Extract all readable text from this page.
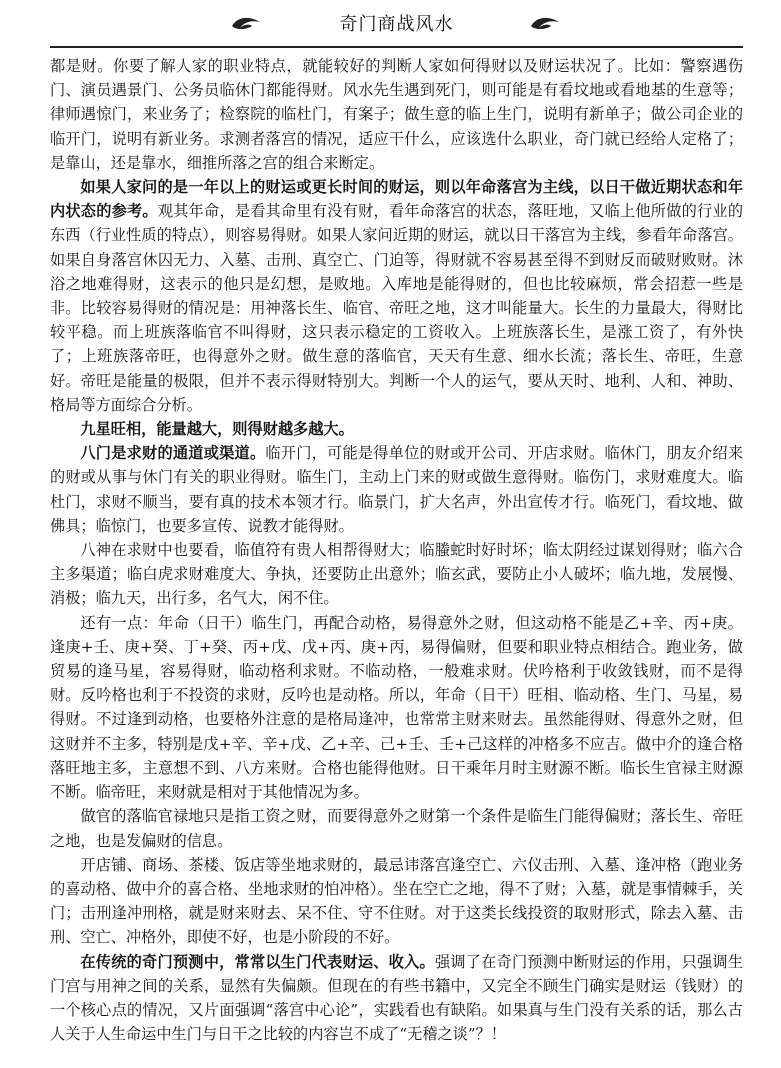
奇门商战风水

都是财。你要了解人家的职业特点，就能较好的判断人家如何得财以及财运状况了。比如：警察遇伤门、演员遇景门、公务员临休门都能得财。风水先生遇到死门，则可能是有看坟地或看地基的生意等；律师遇惊门，来业务了；检察院的临杜门，有案子；做生意的临上生门，说明有新单子；做公司企业的临开门，说明有新业务。求测者落宫的情况，适应干什么，应该选什么职业，奇门就已经给人定格了；是靠山，还是靠水，细推所落之宫的组合来断定。

如果人家问的是一年以上的财运或更长时间的财运，则以年命落宫为主线，以日干做近期状态和年内状态的参考。观其年命，是看其命里有没有财，看年命落宫的状态，落旺地，又临上他所做的行业的东西（行业性质的特点），则容易得财。如果人家问近期的财运，就以日干落宫为主线，参看年命落宫。如果自身落宫休囚无力、入墓、击刑、真空亡、门迫等，得财就不容易甚至得不到财反而破财败财。沐浴之地难得财，这表示的他只是幻想，是败地。入库地是能得财的，但也比较麻烦，常会招惹一些是非。比较容易得财的情况是：用神落长生、临官、帝旺之地，这才叫能量大。长生的力量最大，得财比较平稳。而上班族落临官不叫得财，这只表示稳定的工资收入。上班族落长生，是涨工资了，有外快了；上班族落帝旺，也得意外之财。做生意的落临官，天天有生意、细水长流；落长生、帝旺，生意好。帝旺是能量的极限，但并不表示得财特别大。判断一个人的运气，要从天时、地利、人和、神助、格局等方面综合分析。

九星旺相，能量越大，则得财越多越大。

八门是求财的通道或渠道。临开门，可能是得单位的财或开公司、开店求财。临休门，朋友介绍来的财或从事与休门有关的职业得财。临生门，主动上门来的财或做生意得财。临伤门，求财难度大。临杜门，求财不顺当，要有真的技术本领才行。临景门，扩大名声，外出宣传才行。临死门，看坟地、做佛具；临惊门，也要多宣传、说教才能得财。

八神在求财中也要看，临值符有贵人相帮得财大；临螣蛇时好时坏；临太阴经过谋划得财；临六合主多渠道；临白虎求财难度大、争执，还要防止出意外；临玄武，要防止小人破坏；临九地，发展慢、消极；临九天，出行多，名气大，闲不住。

还有一点：年命（日干）临生门，再配合动格，易得意外之财，但这动格不能是乙+辛、丙+庚。逢庚+壬、庚+癸、丁+癸、丙+戊、戊+丙、庚+丙，易得偏财，但要和职业特点相结合。跑业务，做贸易的逢马星，容易得财，临动格利求财。不临动格，一般难求财。伏吟格利于收敛钱财，而不是得财。反吟格也利于不投资的求财，反吟也是动格。所以，年命（日干）旺相、临动格、生门、马星，易得财。不过逢到动格，也要格外注意的是格局逢冲，也常常主财来财去。虽然能得财、得意外之财，但这财并不主多，特别是戊+辛、辛+戊、乙+辛、己+壬、壬+己这样的冲格多不应吉。做中介的逢合格落旺地主多，主意想不到、八方来财。合格也能得他财。日干乘年月时主财源不断。临长生官禄主财源不断。临帝旺，来财就是相对于其他情况为多。

做官的落临官禄地只是指工资之财，而要得意外之财第一个条件是临生门能得偏财；落长生、帝旺之地，也是发偏财的信息。

开店铺、商场、茶楼、饭店等坐地求财的，最忌讳落宫逢空亡、六仪击刑、入墓、逢冲格（跑业务的喜动格、做中介的喜合格、坐地求财的怕冲格）。坐在空亡之地，得不了财；入墓，就是事情棘手，关门；击刑逢冲刑格，就是财来财去、呆不住、守不住财。对于这类长线投资的取财形式，除去入墓、击刑、空亡、冲格外，即使不好，也是小阶段的不好。

在传统的奇门预测中，常常以生门代表财运、收入。强调了在奇门预测中断财运的作用，只强调生门宫与用神之间的关系，显然有失偏颇。但现在的有些书籍中，又完全不顾生门确实是财运（钱财）的一个核心点的情况，又片面强调“落宫中心论”，实践看也有缺陷。如果真与生门没有关系的话，那么古人关于人生命运中生门与日干之比较的内容岂不成了“无稽之谈”？！
